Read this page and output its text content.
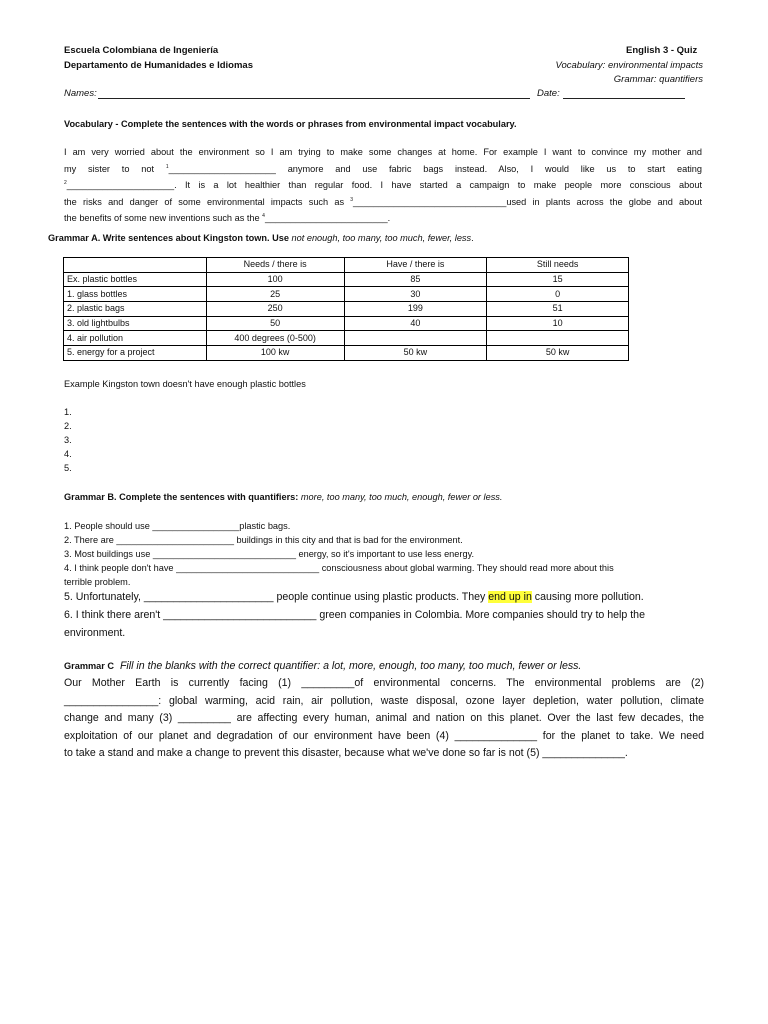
Escuela Colombiana de Ingeniería
Departamento de Humanidades e Idiomas
English 3 - Quiz
Vocabulary: environmental impacts
Grammar: quantifiers
Names:	Date:
Vocabulary - Complete the sentences with the words or phrases from environmental impact vocabulary.
I am very worried about the environment so I am trying to make some changes at home. For example I want to convince my mother and
my sister to not $^1$_____________________ anymore and use fabric bags instead. Also, I would like us to start eating
$^2$_____________________. It is a lot healthier than regular food. I have started a campaign to make people more conscious about
the risks and danger of some environmental impacts such as $^3$______________________________used in plants across the globe and about
the benefits of some new inventions such as the $^4$________________________.
Grammar A. Write sentences about Kingston town. Use not enough, too many, too much, fewer, less.
	Needs / there is	Have / there is	Still needs
Ex. plastic bottles	100	85	15
1. glass bottles	25	30	0
2. plastic bags	250	199	51
3. old lightbulbs	50	40	10
4. air pollution	400 degrees (0-500)		
5. energy for a project	100 kw	50 kw	50 kw
Example Kingston town doesn't have enough plastic bottles
1.
2.
3.
4.
5.
Grammar B. Complete the sentences with quantifiers: more, too many, too much, enough, fewer or less.
1. People should use _________________plastic bags.
2. There are _______________________ buildings in this city and that is bad for the environment.
3. Most buildings use ____________________________ energy, so it's important to use less energy.
4. I think people don't have ____________________________ consciousness about global warming. They should read more about this
terrible problem.
5. Unfortunately, ______________________ people continue using plastic products. They end up in causing more pollution.
6. I think there aren't __________________________ green companies in Colombia. More companies should try to help the
environment.
Grammar C Fill in the blanks with the correct quantifier: a lot, more, enough, too many, too much, fewer or less.
Our Mother Earth is currently facing (1) _________of environmental concerns. The environmental problems are (2)
________________: global warming, acid rain, air pollution, waste disposal, ozone layer depletion, water pollution, climate
change and many (3) _________ are affecting every human, animal and nation on this planet. Over the last few decades, the
exploitation of our planet and degradation of our environment have been (4) ______________ for the planet to take. We need
to take a stand and make a change to prevent this disaster, because what we've done so far is not (5) ______________.
